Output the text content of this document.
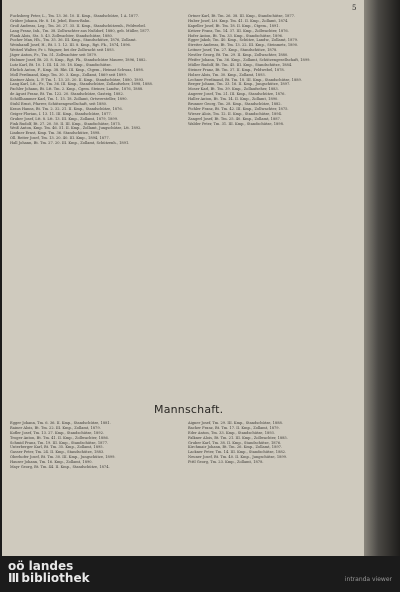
5
Fuchsberg Peter, L., Tm. 13. 36. 10. II. Kmp., Standschütze, 1 A. 1877.
Grüber Johann, Hr. 8. 16. Jebel, Eisen-Bahn.
Groß Andreas, Leg., Tm. 26. 27. 35. II. Kmp., Standschützenh., Feldwebel.
Lang Franz, Inh., Tm. 38. Zollwachter aus Nußdorf, 1880, geb. Müller, 1877.
Plank Alois, Stz. 5. 43. Zollwachter, Standschütze, 1880.
Pucher Max, Hh., Tm. 35. 36. III. Kmp., Standschütze, 1876, Zollamt.
Weinhandl Josef, H., Bt. I. 1. 12. III. 8. Kmp., Rgt. Fk., 1874, 1896.
Weitzel Walter, Fr. i. Wagner, bei der Zollwacht seit 1893.
Jäger Anton, Fr., Tm. 51. Zollwachter seit 1879.
Hubmer Josef, Bt. 25. 8. Kmp., Rgt. Fk., Standschütze Maurer, 1896, 1882.
Lutz Karl, Bt. 10. 1. III. 14. 30. 18. Kmp., Standschütze.
Ehrlich Anton, F., Kmp. 38. Rkt. III. Kmp., Ctgem., Heimat Schwaz, 1898.
Moll Ferdinand, Kmp. Tm. 30. 3. Kmp., Zollamt, 1869 seit 1899.
Kastner Alois, L. F. Tm. 1. 13. 25. 20. II. Kmp., Standschütze, 1880, 1893.
Lang Karl, Ltt., Fr., Tm. 36. III. Kmp., Standschütze, Zollaufseher, 1898, 1888.
Pachler Johann, Bt. Ltt. Tm. 2. Kmp., Cgem. Steiner, Landw., 1876, 1888.
de Agust Franz, Bt. Tm. 122. 20. Standschütze, Gasteig, 1882.
Schöllhammer Karl, Tm. 1. 15. 18. Zollamt, Ortsversteller, 1890.
Stuhl Ernst, Pfarrer, Schützengesellschaft, seit 1880.
Kraus Hanns, Bt. Tm. 2. 32. 21. II. Kmp., Standschütze, 1876.
Geiger Florian, I. 13. 11. III. Kmp., Standschütze, 1877.
Gruber Josef, Ltt. 8. Ltt. 13. III. Kmp., Zollamt, 1879, 1899.
Fink Rudolf, Bt. 27. 20. 50. II. III. Kmp., Standschütze, 1875.
Weiß Anton, Kmp. Tm. 46. 51. II. Kmp., Zollamt, Jungschütze, Ltt. 1892.
Lindner Ernst, Kmp. Tm. 36. Standschütze, 1898.
Oll. Reiter Josef, Tm. 13. 20. 40. III. Kmp., 1894, 1877.
Hall Johann, Bt. Tm. 27. 20. III. Kmp., Zollamt, Schützenh., 1891.
Ortner Karl, Bt. Tm. 26. 38. III. Kmp., Standschütze, 1877.
Huber Josef, Ltt. Kmp. Tm. 41. II. Kmp., Zollamt, 1874.
Kapeller Josef, Bt. Tm. 18. II. Kmp., Ctgem., 1891.
Kritzer Franz, Tm. 14. 37. III. Kmp., Zollwachter, 1876.
Hofer Anton, Bt. Tm. 33. Kmp., Standschütze, 1896.
Egger Jakob, Tm. 40. Kmp., Schütze, Landw., Zollamt, 1879.
Streiter Andreas, Bt. Tm. 13. 22. III. Kmp., Steinmetz, 1890.
Leitner Josef, Tm. 27. Kmp., Standschütze, 1878.
Nestler Georg, Bt. Tm. 29. II. Kmp., Zollwachter, 1880.
Pfeifer Johann, Tm. 36. Kmp., Zollamt, Schützengesellschaft, 1899.
Müller Rudolf, Bt. Tm. 45. III. Kmp., Standschütze, 1884.
Steiner Franz, Bt. Tm. 37. II. Kmp., Feldwebel, 1878.
Holzer Alois, Tm. 30. Kmp., Zollamt, 1893.
Lechner Ferdinand, Bt. Tm. 18. III. Kmp., Standschütze, 1889.
Berger Johann, Tm. 33. 16. II. Kmp., Jungschütze, 1897.
Moser Karl, Bt. Tm. 39. Kmp., Zollaufseher, 1883.
Angerer Josef, Tm. 21. III. Kmp., Standschütze, 1876.
Haller Anton, Bt. Tm. 14. II. Kmp., Zollamt, 1890.
Brunner Georg, Tm. 28. Kmp., Standschütze, 1882.
Pichler Franz, Bt. Tm. 42. III. Kmp., Zollwachter, 1875.
Wieser Alois, Tm. 12. II. Kmp., Standschütze, 1894.
Zangerl Josef, Bt. Tm. 25. 40. Kmp., Zollamt, 1887.
Walder Peter, Tm. 31. III. Kmp., Standschütze, 1898.
Mannschaft.
Egger Johann, Tm. 6. 36. II. Kmp., Standschütze, 1881.
Rainer Alois, Bt. Tm. 22. III. Kmp., Zollamt, 1879.
Kofler Josef, Tm. 13. 27. Kmp., Standschütze, 1892.
Troger Anton, Bt. Tm. 41. II. Kmp., Zollwachter, 1886.
Schmid Franz, Tm. 19. III. Kmp., Standschütze, 1877.
Unterberger Karl, Bt. Tm. 35. Kmp., Zollamt, 1895.
Gasser Peter, Tm. 24. II. Kmp., Standschütze, 1883.
Oberhofer Josef, Bt. Tm. 30. III. Kmp., Jungschütze, 1899.
Hauser Johann, Tm. 16. Kmp., Zollamt, 1890.
Mayr Georg, Bt. Tm. 44. II. Kmp., Standschütze, 1874.
Aigner Josef, Tm. 29. III. Kmp., Standschütze, 1888.
Bacher Franz, Bt. Tm. 17. II. Kmp., Zollamt, 1879.
Eder Anton, Tm. 33. Kmp., Standschütze, 1893.
Falkner Alois, Bt. Tm. 21. III. Kmp., Zollwachter, 1885.
Gruber Karl, Tm. 38. II. Kmp., Standschütze, 1876.
Kirchmair Johann, Bt. Tm. 26. Kmp., Zollamt, 1897.
Lackner Peter, Tm. 14. III. Kmp., Standschütze, 1882.
Neuner Josef, Bt. Tm. 40. II. Kmp., Jungschütze, 1899.
Pittl Georg, Tm. 23. Kmp., Zollamt, 1878.
oö landes
III bibliothek	intranda viewer
